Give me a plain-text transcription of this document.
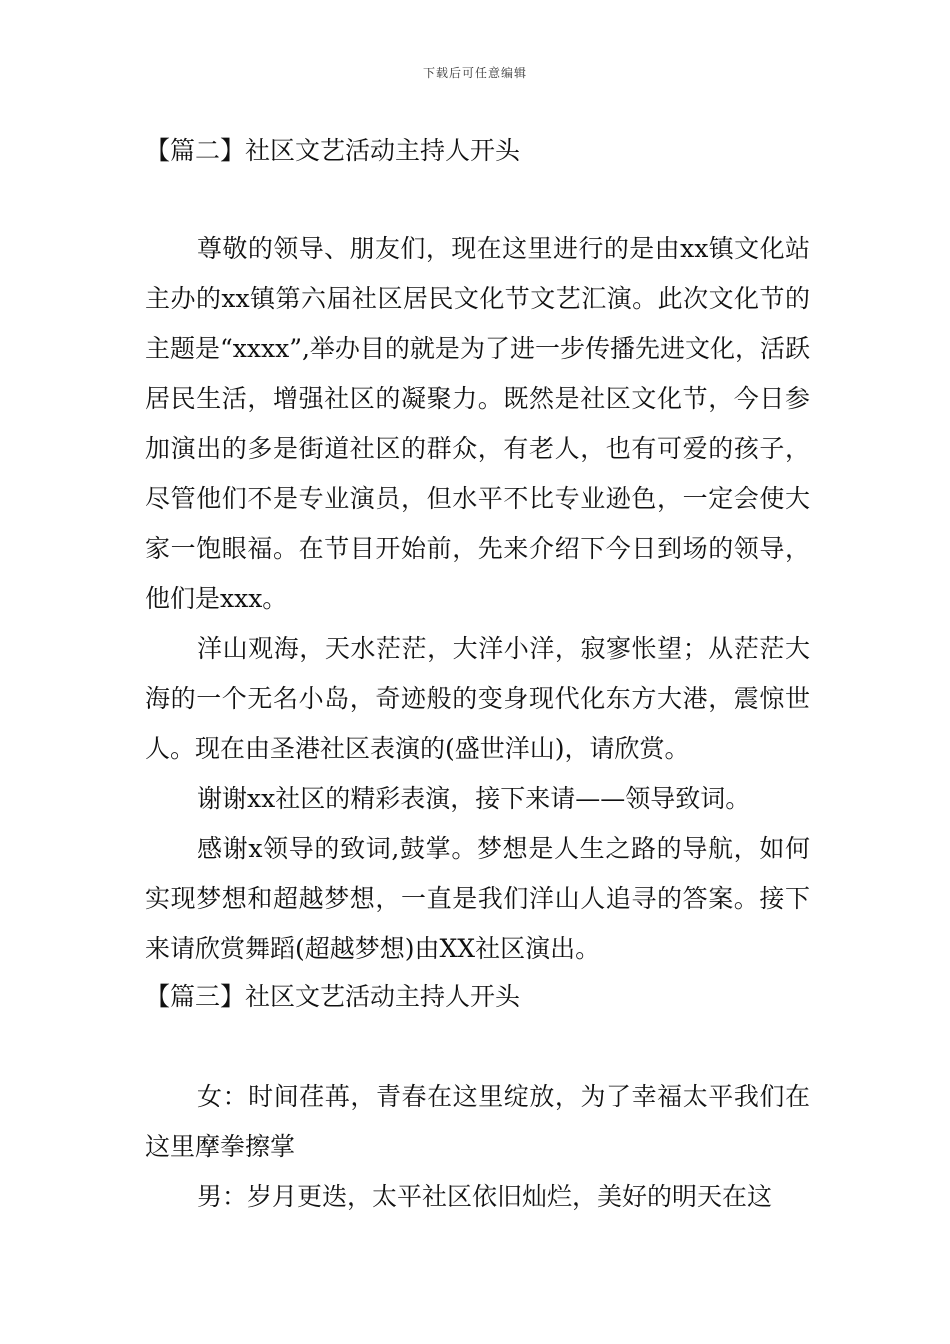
下载后可任意编辑
【篇二】社区文艺活动主持人开头
尊敬的领导、朋友们，现在这里进行的是由xx镇文化站主办的xx镇第六届社区居民文化节文艺汇演。此次文化节的主题是“xxxx”,举办目的就是为了进一步传播先进文化，活跃居民生活，增强社区的凝聚力。既然是社区文化节，今日参加演出的多是街道社区的群众，有老人，也有可爱的孩子，尽管他们不是专业演员，但水平不比专业逊色，一定会使大家一饱眼福。在节目开始前，先来介绍下今日到场的领导，他们是xxx。
洋山观海，天水茫茫，大洋小洋，寂寥怅望；从茫茫大海的一个无名小岛，奇迹般的变身现代化东方大港，震惊世人。现在由圣港社区表演的(盛世洋山)，请欣赏。
谢谢xx社区的精彩表演，接下来请——领导致词。
感谢x领导的致词,鼓掌。梦想是人生之路的导航，如何实现梦想和超越梦想，一直是我们洋山人追寻的答案。接下来请欣赏舞蹈(超越梦想)由XX社区演出。
【篇三】社区文艺活动主持人开头
女：时间荏苒，青春在这里绽放，为了幸福太平我们在这里摩拳擦掌
男：岁月更迭，太平社区依旧灿烂，美好的明天在这
